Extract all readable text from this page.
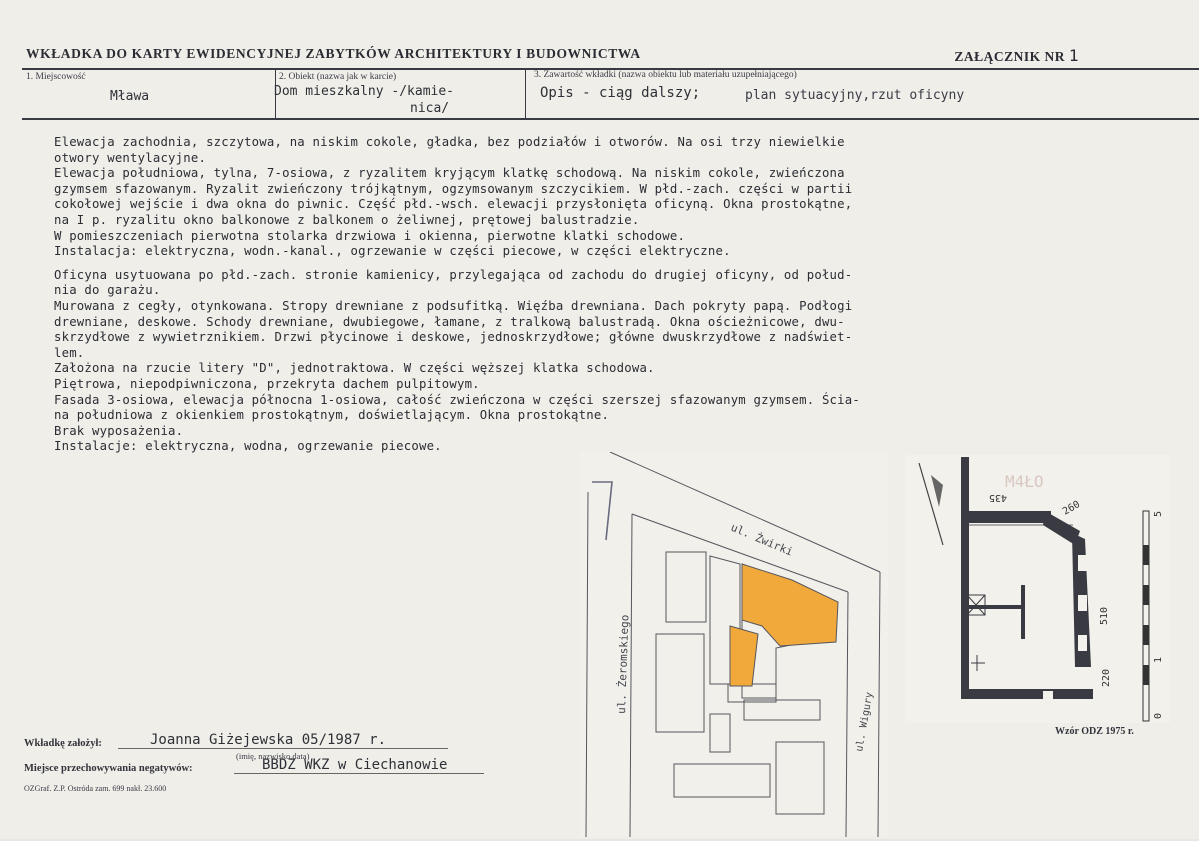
WKŁADKA DO KARTY EWIDENCYJNEJ ZABYTKÓW ARCHITEKTURY I BUDOWNICTWA	ZAŁĄCZNIK NR 1
1. Miejscowość
Mława
2. Obiekt (nazwa jak w karcie)
Dom mieszkalny -/kamie-
nica/
3. Zawartość wkładki (nazwa obiektu lub materiału uzupełniającego)
Opis - ciąg dalszy;	plan sytuacyjny,rzut oficyny

Elewacja zachodnia, szczytowa, na niskim cokole, gładka, bez podziałów i otworów. Na osi trzy niewielkie

otwory wentylacyjne.

Elewacja południowa, tylna, 7-osiowa, z ryzalitem kryjącym klatkę schodową. Na niskim cokole, zwieńczona

gzymsem sfazowanym. Ryzalit zwieńczony trójkątnym, ogzymsowanym szczycikiem. W płd.-zach. części w partii

cokołowej wejście i dwa okna do piwnic. Część płd.-wsch. elewacji przysłonięta oficyną. Okna prostokątne,

na I p. ryzalitu okno balkonowe z balkonem o żeliwnej, prętowej balustradzie.

W pomieszczeniach pierwotna stolarka drzwiowa i okienna, pierwotne klatki schodowe.

Instalacja: elektryczna, wodn.-kanal., ogrzewanie w części piecowe, w części elektryczne.

Oficyna usytuowana po płd.-zach. stronie kamienicy, przylegająca od zachodu do drugiej oficyny, od połud-

nia do garażu.

Murowana z cegły, otynkowana. Stropy drewniane z podsufitką. Więźba drewniana. Dach pokryty papą. Podłogi

drewniane, deskowe. Schody drewniane, dwubiegowe, łamane, z tralkową balustradą. Okna ościeżnicowe, dwu-

skrzydłowe z wywietrznikiem. Drzwi płycinowe i deskowe, jednoskrzydłowe; główne dwuskrzydłowe z nadświet-

lem.

Założona na rzucie litery "D", jednotraktowa. W części węższej klatka schodowa.

Piętrowa, niepodpiwniczona, przekryta dachem pulpitowym.

Fasada 3-osiowa, elewacja północna 1-osiowa, całość zwieńczona w części szerszej sfazowanym gzymsem. Ścia-

na południowa z okienkiem prostokątnym, doświetlającym. Okna prostokątne.

Brak wyposażenia.

Instalacje: elektryczna, wodna, ogrzewanie piecowe.

ul. Żwirki
ul. Żeromskiego
ul. Wigury
M4ŁO
435
260
510
220
5
1
0
Wkładkę założył:	Joanna Giżejewska 05/1987 r.
(imię, nazwisko,data)
Miejsce przechowywania negatywów:	BBDZ WKZ w Ciechanowie
OZGraf. Z.P. Ostróda zam. 699 nakł. 23.600
Wzór ODZ 1975 r.
